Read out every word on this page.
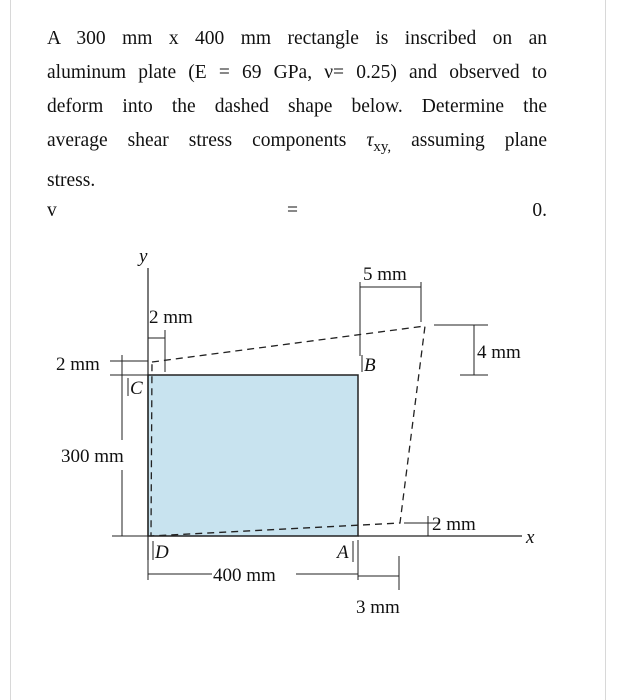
A 300 mm x 400 mm rectangle is inscribed on an
aluminum plate (E = 69 GPa, ν= 0.25) and observed to
deform into the dashed shape below. Determine the
average shear stress components $\tau_{xy,}$ assuming plane
stress.
v	=	0.
y
x
5 mm
2 mm
2 mm
4 mm
300 mm
2 mm
400 mm
3 mm
A
B
C
D
